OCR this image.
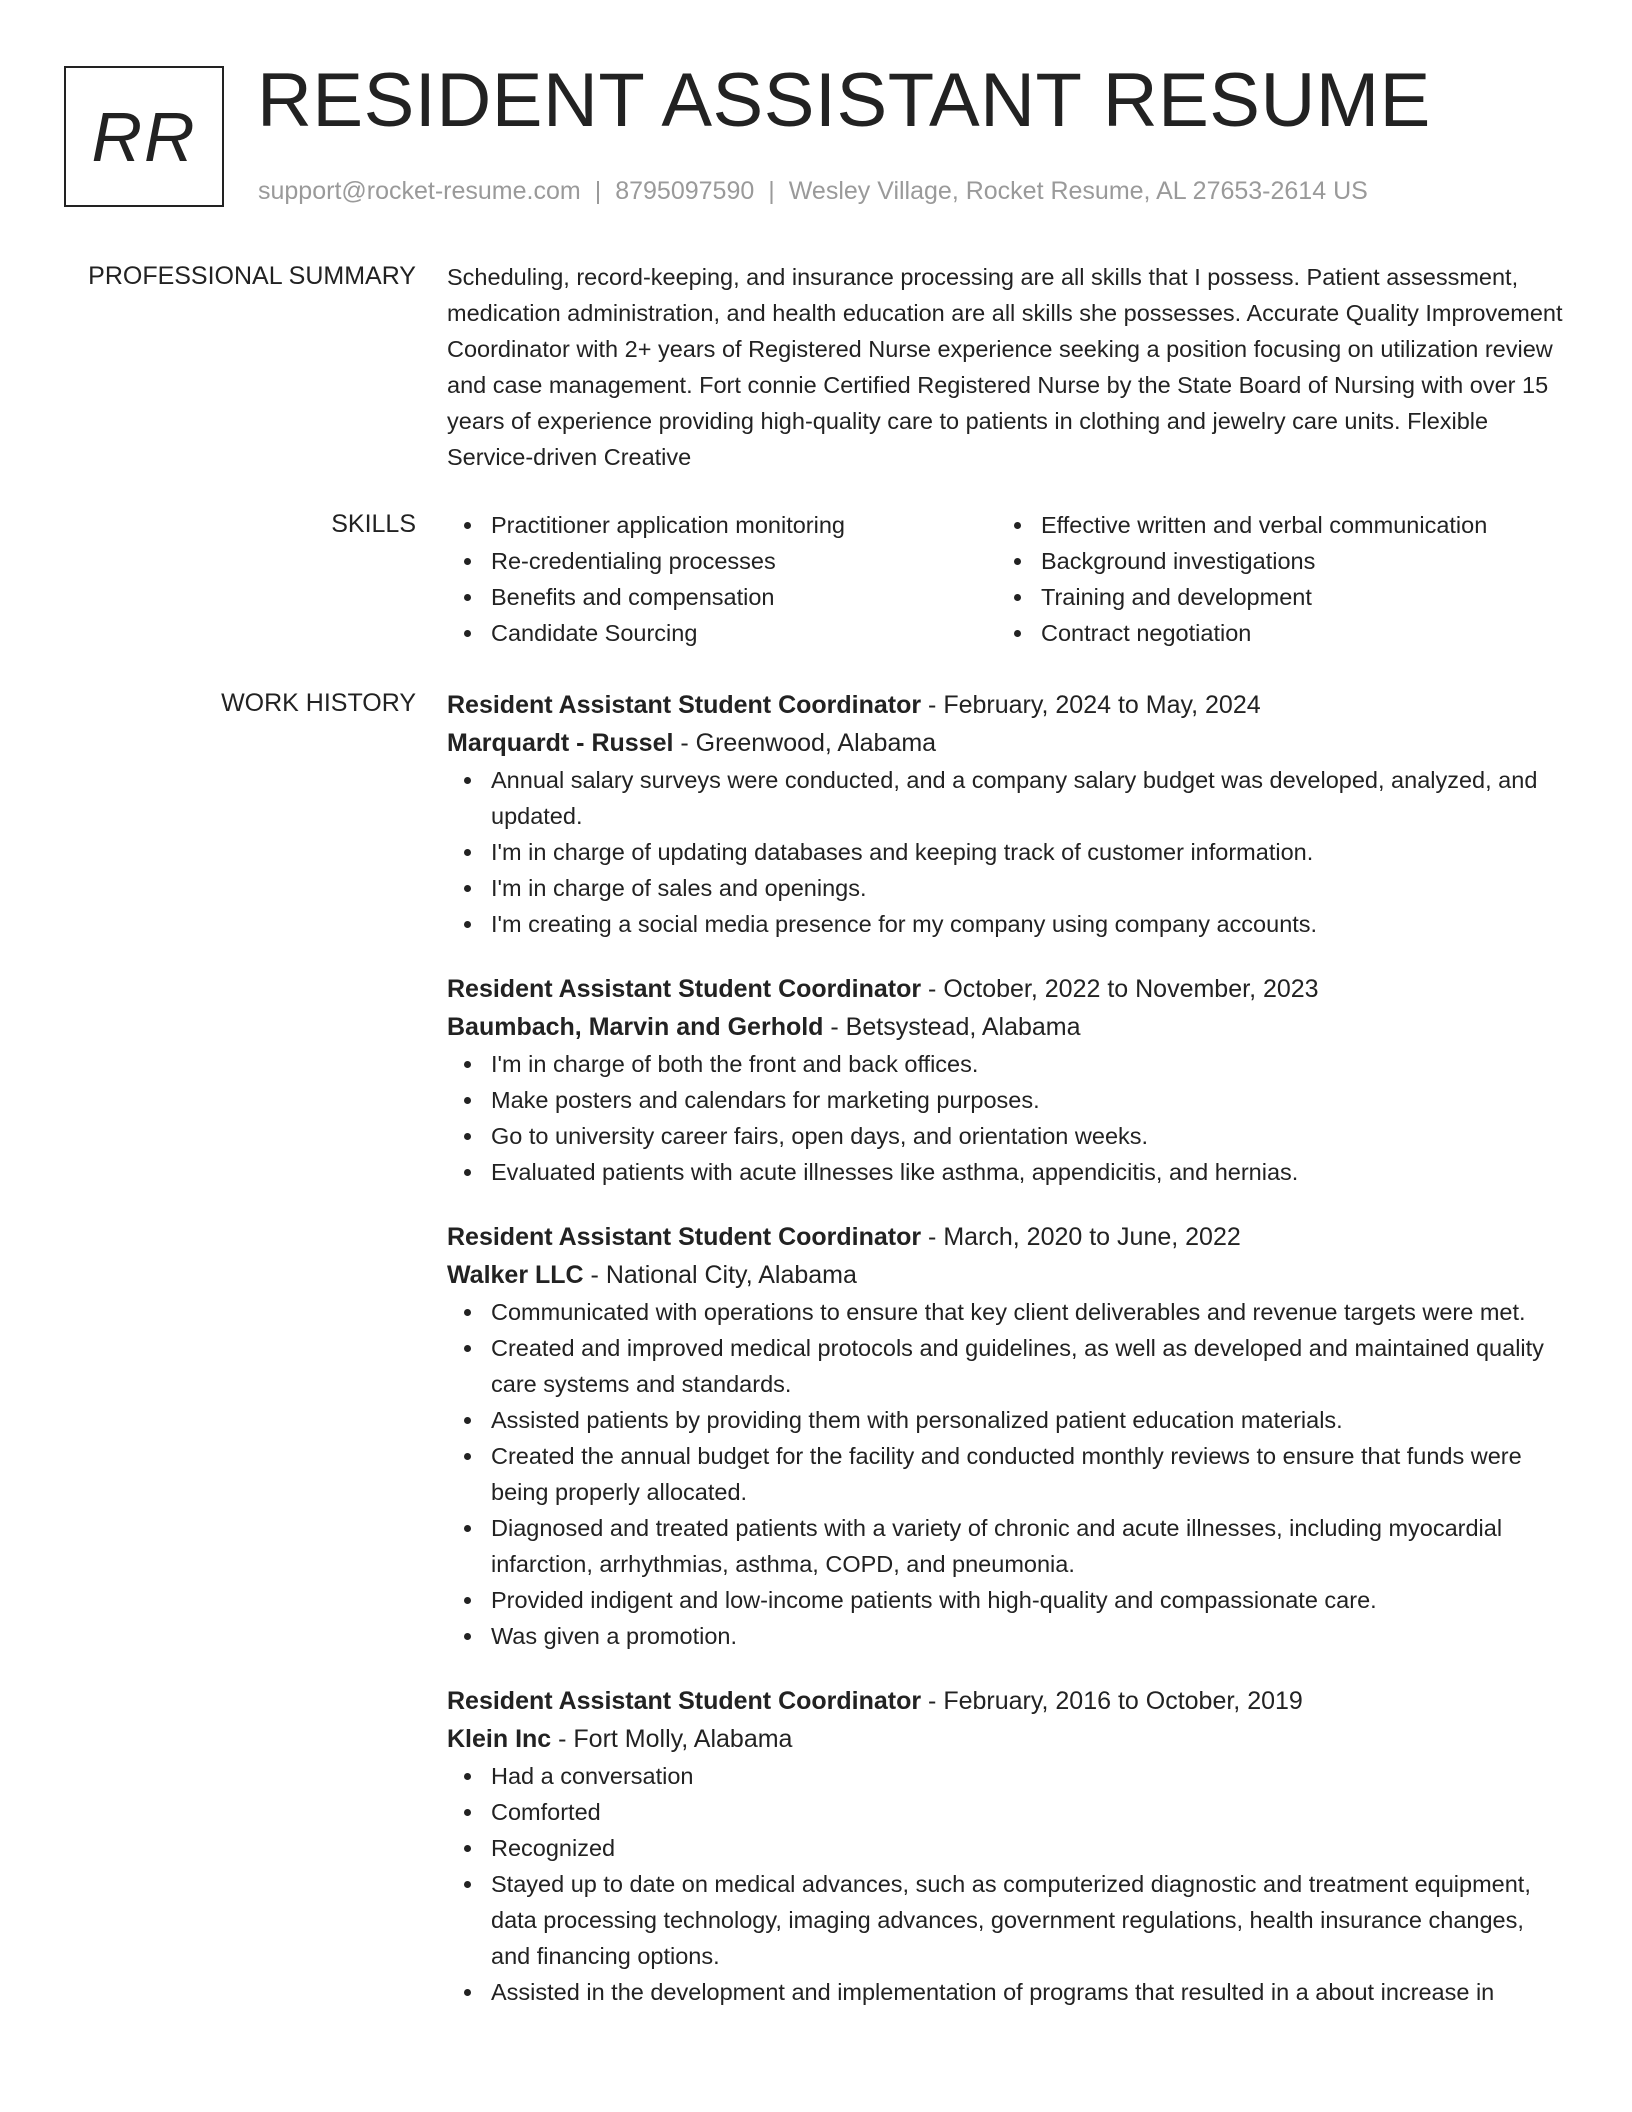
RR RESIDENT ASSISTANT RESUME
support@rocket-resume.com | 8795097590 | Wesley Village, Rocket Resume, AL 27653-2614 US
PROFESSIONAL SUMMARY Scheduling, record-keeping, and insurance processing are all skills that I possess. Patient assessment, medication administration, and health education are all skills she possesses. Accurate Quality Improvement Coordinator with 2+ years of Registered Nurse experience seeking a position focusing on utilization review and case management. Fort connie Certified Registered Nurse by the State Board of Nursing with over 15 years of experience providing high-quality care to patients in clothing and jewelry care units. Flexible Service-driven Creative

SKILLS	Practitioner application monitoring
Re-credentialing processes
Benefits and compensation
Candidate Sourcing
Effective written and verbal communication
Background investigations
Training and development
Contract negotiation
WORK HISTORY Resident Assistant Student Coordinator - February, 2024 to May, 2024
Marquardt - Russel - Greenwood, Alabama
Annual salary surveys were conducted, and a company salary budget was developed, analyzed, and updated.
I'm in charge of updating databases and keeping track of customer information.
I'm in charge of sales and openings.
I'm creating a social media presence for my company using company accounts.
Resident Assistant Student Coordinator - October, 2022 to November, 2023
Baumbach, Marvin and Gerhold - Betsystead, Alabama
I'm in charge of both the front and back offices.
Make posters and calendars for marketing purposes.
Go to university career fairs, open days, and orientation weeks.
Evaluated patients with acute illnesses like asthma, appendicitis, and hernias.
Resident Assistant Student Coordinator - March, 2020 to June, 2022
Walker LLC - National City, Alabama
Communicated with operations to ensure that key client deliverables and revenue targets were met.
Created and improved medical protocols and guidelines, as well as developed and maintained quality care systems and standards.
Assisted patients by providing them with personalized patient education materials.
Created the annual budget for the facility and conducted monthly reviews to ensure that funds were being properly allocated.
Diagnosed and treated patients with a variety of chronic and acute illnesses, including myocardial infarction, arrhythmias, asthma, COPD, and pneumonia.
Provided indigent and low-income patients with high-quality and compassionate care.
Was given a promotion.
Resident Assistant Student Coordinator - February, 2016 to October, 2019
Klein Inc - Fort Molly, Alabama
Had a conversation
Comforted
Recognized
Stayed up to date on medical advances, such as computerized diagnostic and treatment equipment, data processing technology, imaging advances, government regulations, health insurance changes, and financing options.
Assisted in the development and implementation of programs that resulted in a about increase in
